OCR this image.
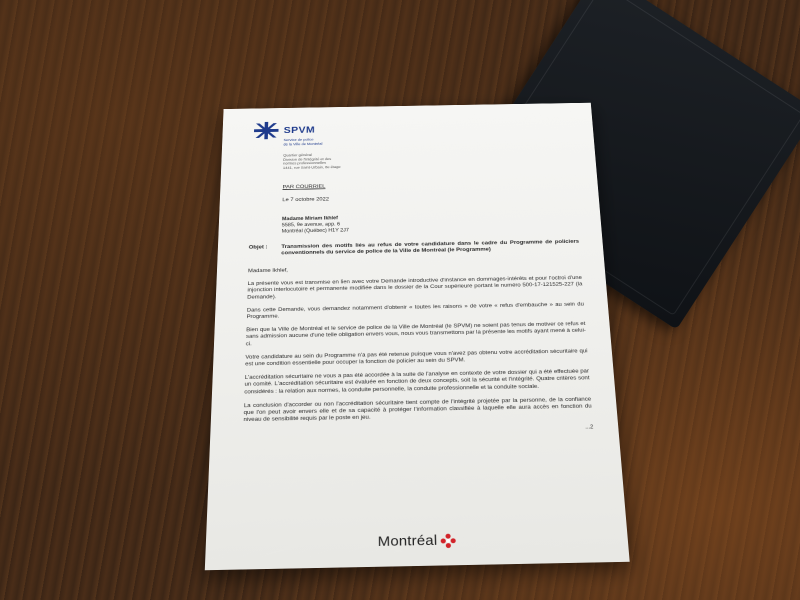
SPVM
Service de police
de la Ville de Montréal
Quartier général
Division de l'intégrité et des
normes professionnelles
1441, rue Saint-Urbain, 8e étage
PAR COURRIEL
Le 7 octobre 2022
Madame Miriam Ikhlef
5585, 9e avenue, app. 6
Montréal (Québec) H1Y 2J7
Objet :	Transmission des motifs liés au refus de votre candidature dans le cadre du Programme de policiers conventionnels du service de police de la Ville de Montréal (le Programme)

Madame Ikhlef,

La présente vous est transmise en lien avec votre Demande introductive d'instance en dommages-intérêts et pour l'octroi d'une injonction interlocutoire et permanente modifiée dans le dossier de la Cour supérieure portant le numéro 500-17-121525-227 (la Demande).

Dans cette Demande, vous demandez notamment d'obtenir « toutes les raisons » de votre « refus d'embauche » au sein du Programme.

Bien que la Ville de Montréal et le service de police de la Ville de Montréal (le SPVM) ne soient pas tenus de motiver ce refus et sans admission aucune d'une telle obligation envers vous, nous vous transmettons par la présente les motifs ayant mené à celui-ci.

Votre candidature au sein du Programme n'a pas été retenue puisque vous n'avez pas obtenu votre accréditation sécuritaire qui est une condition essentielle pour occuper la fonction de policier au sein du SPVM.

L'accréditation sécuritaire ne vous a pas été accordée à la suite de l'analyse en contexte de votre dossier qui a été effectuée par un comité. L'accréditation sécuritaire est évaluée en fonction de deux concepts, soit la sécurité et l'intégrité. Quatre critères sont considérés : la relation aux normes, la conduite personnelle, la conduite professionnelle et la conduite sociale.

La conclusion d'accorder ou non l'accréditation sécuritaire tient compte de l'intégrité projetée par la personne, de la confiance que l'on peut avoir envers elle et de sa capacité à protéger l'information classifiée à laquelle elle aura accès en fonction du niveau de sensibilité requis par le poste en jeu.

...2
Montréal
